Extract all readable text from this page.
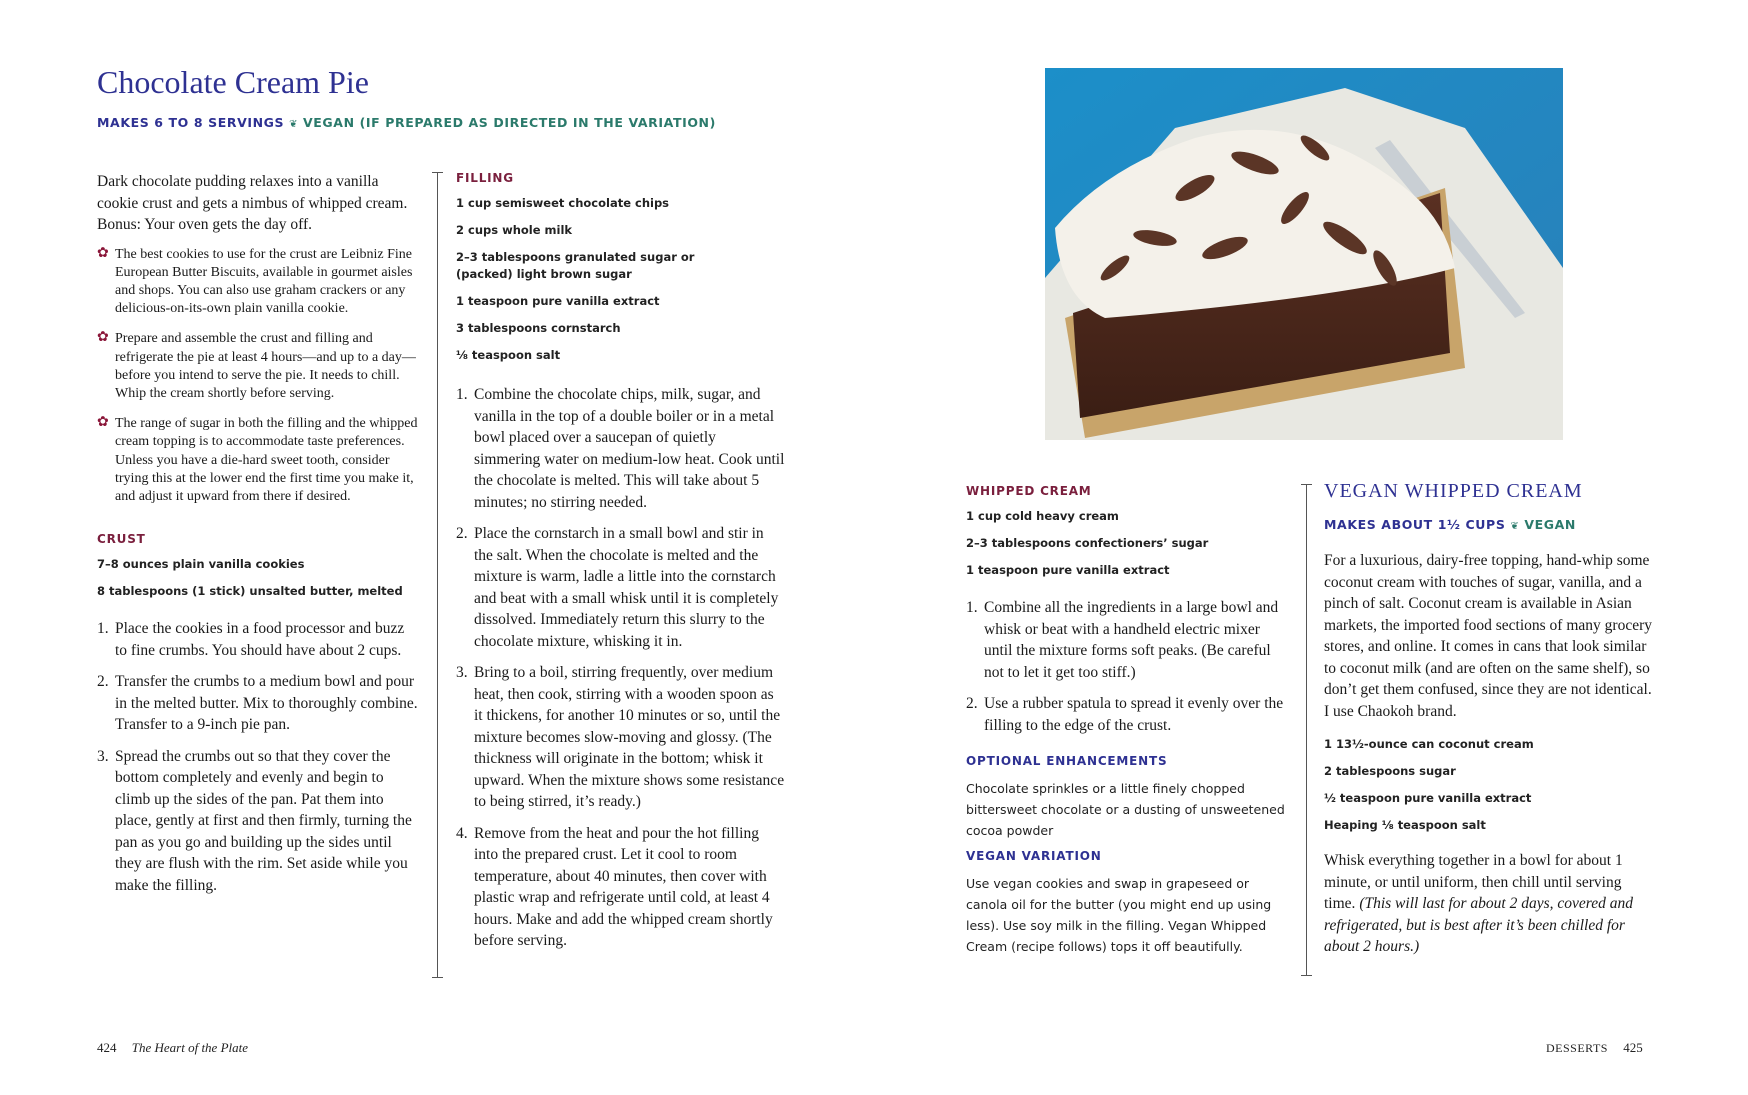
Chocolate Cream Pie
MAKES 6 TO 8 SERVINGS ❦ VEGAN (IF PREPARED AS DIRECTED IN THE VARIATION)
Dark chocolate pudding relaxes into a vanilla cookie crust and gets a nimbus of whipped cream. Bonus: Your oven gets the day off.
✿ The best cookies to use for the crust are Leibniz Fine European Butter Biscuits, available in gourmet aisles and shops. You can also use graham crackers or any delicious-on-its-own plain vanilla cookie.
✿ Prepare and assemble the crust and filling and refrigerate the pie at least 4 hours—and up to a day—before you intend to serve the pie. It needs to chill. Whip the cream shortly before serving.
✿ The range of sugar in both the filling and the whipped cream topping is to accommodate taste preferences. Unless you have a die-hard sweet tooth, consider trying this at the lower end the first time you make it, and adjust it upward from there if desired.
CRUST
7–8 ounces plain vanilla cookies
8 tablespoons (1 stick) unsalted butter, melted
1. Place the cookies in a food processor and buzz to fine crumbs. You should have about 2 cups.
2. Transfer the crumbs to a medium bowl and pour in the melted butter. Mix to thoroughly combine. Transfer to a 9-inch pie pan.
3. Spread the crumbs out so that they cover the bottom completely and evenly and begin to climb up the sides of the pan. Pat them into place, gently at first and then firmly, turning the pan as you go and building up the sides until they are flush with the rim. Set aside while you make the filling.
FILLING
1 cup semisweet chocolate chips
2 cups whole milk
2–3 tablespoons granulated sugar or (packed) light brown sugar
1 teaspoon pure vanilla extract
3 tablespoons cornstarch
⅛ teaspoon salt
1. Combine the chocolate chips, milk, sugar, and vanilla in the top of a double boiler or in a metal bowl placed over a saucepan of quietly simmering water on medium-low heat. Cook until the chocolate is melted. This will take about 5 minutes; no stirring needed.
2. Place the cornstarch in a small bowl and stir in the salt. When the chocolate is melted and the mixture is warm, ladle a little into the cornstarch and beat with a small whisk until it is completely dissolved. Immediately return this slurry to the chocolate mixture, whisking it in.
3. Bring to a boil, stirring frequently, over medium heat, then cook, stirring with a wooden spoon as it thickens, for another 10 minutes or so, until the mixture becomes slow-moving and glossy. (The thickness will originate in the bottom; whisk it upward. When the mixture shows some resistance to being stirred, it’s ready.)
4. Remove from the heat and pour the hot filling into the prepared crust. Let it cool to room temperature, about 40 minutes, then cover with plastic wrap and refrigerate until cold, at least 4 hours. Make and add the whipped cream shortly before serving.
424 The Heart of the Plate
WHIPPED CREAM
1 cup cold heavy cream
2–3 tablespoons confectioners’ sugar
1 teaspoon pure vanilla extract
1. Combine all the ingredients in a large bowl and whisk or beat with a handheld electric mixer until the mixture forms soft peaks. (Be careful not to let it get too stiff.)
2. Use a rubber spatula to spread it evenly over the filling to the edge of the crust.
OPTIONAL ENHANCEMENTS
Chocolate sprinkles or a little finely chopped bittersweet chocolate or a dusting of unsweetened cocoa powder
VEGAN VARIATION
Use vegan cookies and swap in grapeseed or canola oil for the butter (you might end up using less). Use soy milk in the filling. Vegan Whipped Cream (recipe follows) tops it off beautifully.
VEGAN WHIPPED CREAM
MAKES ABOUT 1½ CUPS ❦ VEGAN
For a luxurious, dairy-free topping, hand-whip some coconut cream with touches of sugar, vanilla, and a pinch of salt. Coconut cream is available in Asian markets, the imported food sections of many grocery stores, and online. It comes in cans that look similar to coconut milk (and are often on the same shelf), so don’t get them confused, since they are not identical. I use Chaokoh brand.
1 13½-ounce can coconut cream
2 tablespoons sugar
½ teaspoon pure vanilla extract
Heaping ⅛ teaspoon salt
Whisk everything together in a bowl for about 1 minute, or until uniform, then chill until serving time. (This will last for about 2 days, covered and refrigerated, but is best after it’s been chilled for about 2 hours.)
DESSERTS 425
